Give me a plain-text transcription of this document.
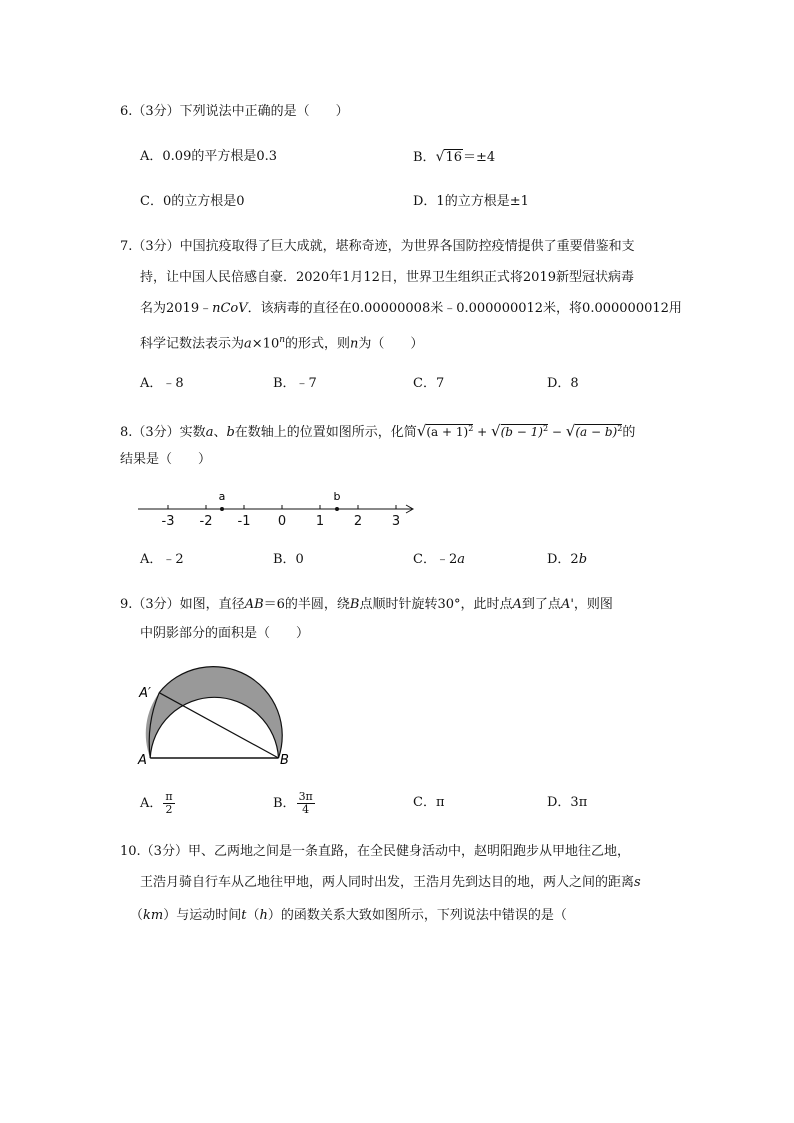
6.（3分）下列说法中正确的是（　　）
A．0.09的平方根是0.3	B．√16＝±4
C．0的立方根是0	D．1的立方根是±1
7.（3分）中国抗疫取得了巨大成就，堪称奇迹，为世界各国防控疫情提供了重要借鉴和支
持，让中国人民倍感自豪．2020年1月12日，世界卫生组织正式将2019新型冠状病毒
名为2019﹣nCoV．该病毒的直径在0.00000008米﹣0.000000012米，将0.000000012用
科学记数法表示为$a\times 10^n$的形式，则n为（　　）
A．﹣8	B．﹣7	C．7	D．8
8.（3分）实数a、b在数轴上的位置如图所示，化简$√(a + 1)^2 + √(b - 1)^2 - √(a - b)^2$的
结果是（　　）
-3 -2 -1 0 1 2 3
a	b
A．﹣2	B．0	C．﹣2a	D．2b
9.（3分）如图，直径AB＝6的半圆，绕B点顺时针旋转30°，此时点A到了点A'，则图
中阴影部分的面积是（　　）
A	B
A′
A． $\frac{\pi}{2}$	B． $\frac{3\pi}{4}$	C．π	D．3π
10.（3分）甲、乙两地之间是一条直路，在全民健身活动中，赵明阳跑步从甲地往乙地，
王浩月骑自行车从乙地往甲地，两人同时出发，王浩月先到达目的地，两人之间的距离s
（km）与运动时间t（h）的函数关系大致如图所示，下列说法中错误的是（
